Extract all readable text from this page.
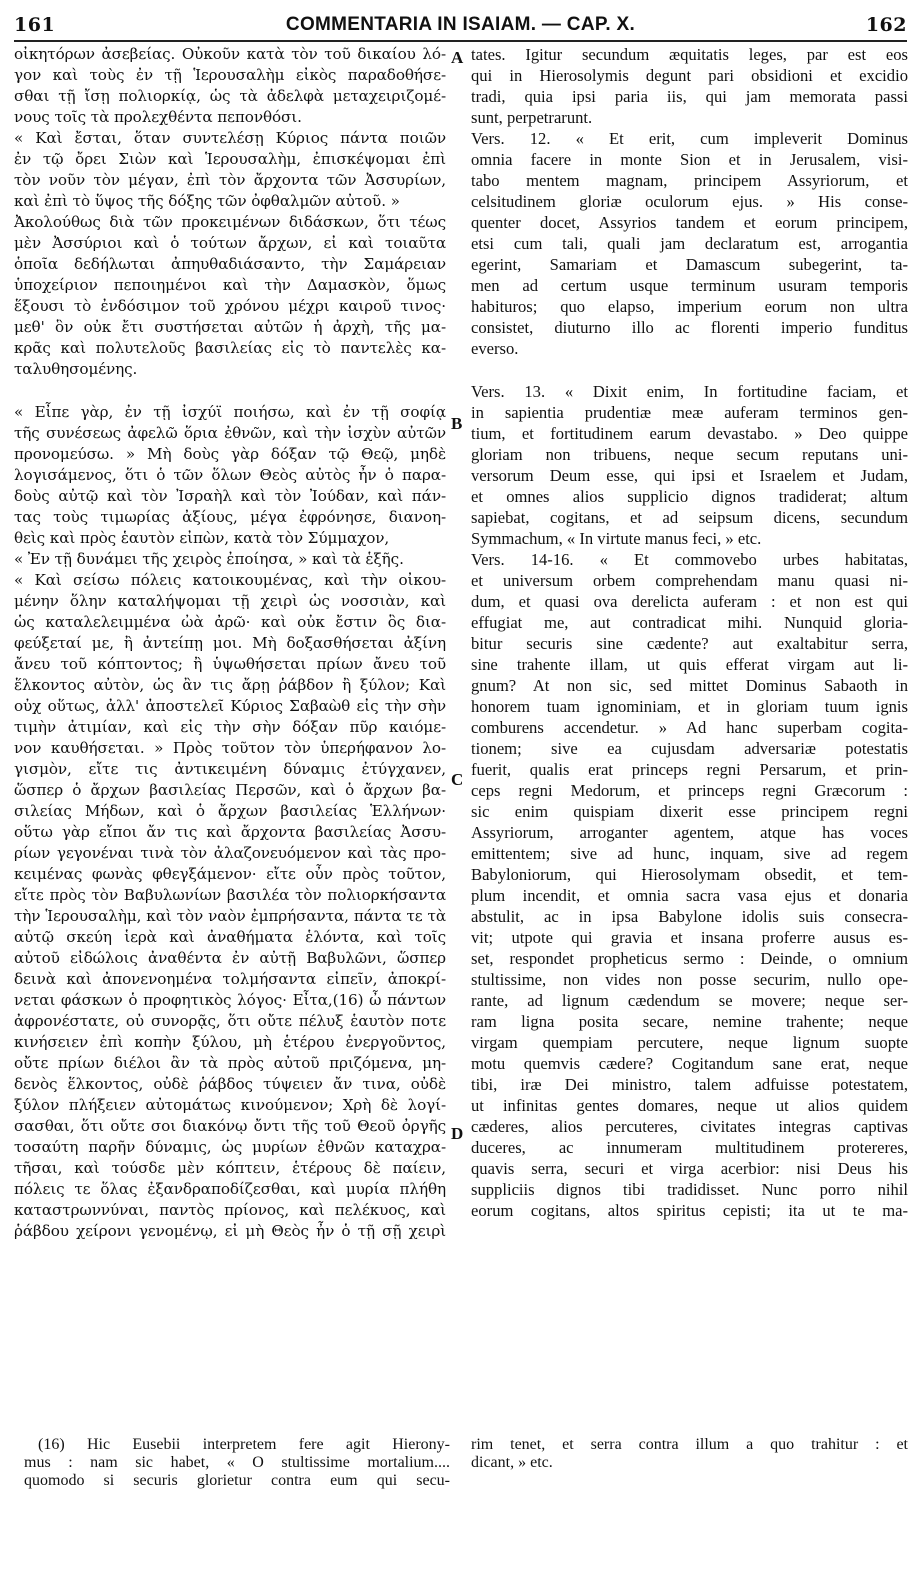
161	COMMENTARIA IN ISAIAM. — CAP. X.	162

οἰκητόρων ἀσεβείας. Οὐκοῦν κατὰ τὸν τοῦ δικαίου λό-

γον καὶ τοὺς ἐν τῇ Ἱερουσαλὴμ εἰκὸς παραδοθήσε-

σθαι τῇ ἴσῃ πολιορκίᾳ, ὡς τὰ ἀδελφὰ μεταχειριζομέ-

νους τοῖς τὰ προλεχθέντα πεπονθόσι.

« Καὶ ἔσται, ὅταν συντελέσῃ Κύριος πάντα ποιῶν

ἐν τῷ ὄρει Σιὼν καὶ Ἱερουσαλὴμ, ἐπισκέψομαι ἐπὶ

τὸν νοῦν τὸν μέγαν, ἐπὶ τὸν ἄρχοντα τῶν Ἀσσυρίων,

καὶ ἐπὶ τὸ ὕψος τῆς δόξης τῶν ὀφθαλμῶν αὐτοῦ. »

Ἀκολούθως διὰ τῶν προκειμένων διδάσκων, ὅτι τέως

μὲν Ἀσσύριοι καὶ ὁ τούτων ἄρχων, εἰ καὶ τοιαῦτα

ὁποῖα δεδήλωται ἀπηυθαδιάσαντο, τὴν Σαμάρειαν

ὑποχείριον πεποιημένοι καὶ τὴν Δαμασκὸν, ὅμως

ἕξουσι τὸ ἐνδόσιμον τοῦ χρόνου μέχρι καιροῦ τινος·

μεθ' ὃν οὐκ ἔτι συστήσεται αὐτῶν ἡ ἀρχὴ, τῆς μα-

κρᾶς καὶ πολυτελοῦς βασιλείας εἰς τὸ παντελὲς κα-

ταλυθησομένης.

« Εἶπε γὰρ, ἐν τῇ ἰσχύϊ ποιήσω, καὶ ἐν τῇ σοφίᾳ

τῆς συνέσεως ἀφελῶ ὅρια ἐθνῶν, καὶ τὴν ἰσχὺν αὐτῶν

προνομεύσω. » Μὴ δοὺς γὰρ δόξαν τῷ Θεῷ, μηδὲ

λογισάμενος, ὅτι ὁ τῶν ὅλων Θεὸς αὐτὸς ἦν ὁ παρα-

δοὺς αὐτῷ καὶ τὸν Ἰσραὴλ καὶ τὸν Ἰούδαν, καὶ πάν-

τας τοὺς τιμωρίας ἀξίους, μέγα ἐφρόνησε, διανοη-

θεὶς καὶ πρὸς ἑαυτὸν εἰπὼν, κατὰ τὸν Σύμμαχον,

« Ἐν τῇ δυνάμει τῆς χειρὸς ἐποίησα, » καὶ τὰ ἑξῆς.

« Καὶ σείσω πόλεις κατοικουμένας, καὶ τὴν οἰκου-

μένην ὅλην καταλήψομαι τῇ χειρὶ ὡς νοσσιὰν, καὶ

ὡς καταλελειμμένα ὠὰ ἀρῶ· καὶ οὐκ ἔστιν ὃς δια-

φεύξεταί με, ἢ ἀντείπῃ μοι. Μὴ δοξασθήσεται ἀξίνη

ἄνευ τοῦ κόπτοντος; ἢ ὑψωθήσεται πρίων ἄνευ τοῦ

ἕλκοντος αὐτὸν, ὡς ἂν τις ἄρῃ ῥάβδον ἢ ξύλον; Καὶ

οὐχ οὕτως, ἀλλ' ἀποστελεῖ Κύριος Σαβαὼθ εἰς τὴν σὴν

τιμὴν ἀτιμίαν, καὶ εἰς τὴν σὴν δόξαν πῦρ καιόμε-

νον καυθήσεται. » Πρὸς τοῦτον τὸν ὑπερήφανον λο-

γισμὸν, εἴτε τις ἀντικειμένη δύναμις ἐτύγχανεν,

ὥσπερ ὁ ἄρχων βασιλείας Περσῶν, καὶ ὁ ἄρχων βα-

σιλείας Μήδων, καὶ ὁ ἄρχων βασιλείας Ἑλλήνων·

οὕτω γὰρ εἴποι ἄν τις καὶ ἄρχοντα βασιλείας Ἀσσυ-

ρίων γεγονέναι τινὰ τὸν ἀλαζονευόμενον καὶ τὰς προ-

κειμένας φωνὰς φθεγξάμενον· εἴτε οὖν πρὸς τοῦτον,

εἴτε πρὸς τὸν Βαβυλωνίων βασιλέα τὸν πολιορκήσαντα

τὴν Ἱερουσαλὴμ, καὶ τὸν ναὸν ἐμπρήσαντα, πάντα τε τὰ

αὐτῷ σκεύη ἱερὰ καὶ ἀναθήματα ἑλόντα, καὶ τοῖς

αὐτοῦ εἰδώλοις ἀναθέντα ἐν αὐτῇ Βαβυλῶνι, ὥσπερ

δεινὰ καὶ ἀπονενοημένα τολμήσαντα εἰπεῖν, ἀποκρί-

νεται φάσκων ὁ προφητικὸς λόγος· Εἶτα,(16) ὦ πάντων

ἀφρονέστατε, οὐ συνορᾷς, ὅτι οὔτε πέλυξ ἑαυτὸν ποτε

κινήσειεν ἐπὶ κοπὴν ξύλου, μὴ ἑτέρου ἐνεργοῦντος,

οὔτε πρίων διέλοι ἂν τὰ πρὸς αὐτοῦ πριζόμενα, μη-

δενὸς ἕλκοντος, οὐδὲ ῥάβδος τύψειεν ἄν τινα, οὐδὲ

ξύλον πλήξειεν αὐτομάτως κινούμενον; Χρὴ δὲ λογί-

σασθαι, ὅτι οὔτε σοι διακόνῳ ὄντι τῆς τοῦ Θεοῦ ὀργῆς

τοσαύτη παρῆν δύναμις, ὡς μυρίων ἐθνῶν καταχρα-

τῆσαι, καὶ τούσδε μὲν κόπτειν, ἑτέρους δὲ παίειν,

πόλεις τε ὅλας ἐξανδραποδίζεσθαι, καὶ μυρία πλήθη

καταστρωννύναι, παντὸς πρίονος, καὶ πελέκυος, καὶ

ῥάβδου χείρονι γενομένῳ, εἰ μὴ Θεὸς ἦν ὁ τῇ σῇ χειρὶ

tates. Igitur secundum æquitatis leges, par est eos

qui in Hierosolymis degunt pari obsidioni et excidio

tradi, quia ipsi paria iis, qui jam memorata passi

sunt, perpetrarunt.

Vers. 12. « Et erit, cum impleverit Dominus

omnia facere in monte Sion et in Jerusalem, visi-

tabo mentem magnam, principem Assyriorum, et

celsitudinem gloriæ oculorum ejus. » His conse-

quenter docet, Assyrios tandem et eorum principem,

etsi cum tali, quali jam declaratum est, arrogantia

egerint, Samariam et Damascum subegerint, ta-

men ad certum usque terminum usuram temporis

habituros; quo elapso, imperium eorum non ultra

consistet, diuturno illo ac florenti imperio funditus

everso.

Vers. 13. « Dixit enim, In fortitudine faciam, et

in sapientia prudentiæ meæ auferam terminos gen-

tium, et fortitudinem earum devastabo. » Deo quippe

gloriam non tribuens, neque secum reputans uni-

versorum Deum esse, qui ipsi et Israelem et Judam,

et omnes alios supplicio dignos tradiderat; altum

sapiebat, cogitans, et ad seipsum dicens, secundum

Symmachum, « In virtute manus feci, » etc.

Vers. 14-16. « Et commovebo urbes habitatas,

et universum orbem comprehendam manu quasi ni-

dum, et quasi ova derelicta auferam : et non est qui

effugiat me, aut contradicat mihi. Nunquid gloria-

bitur securis sine cædente? aut exaltabitur serra,

sine trahente illam, ut quis efferat virgam aut li-

gnum? At non sic, sed mittet Dominus Sabaoth in

honorem tuam ignominiam, et in gloriam tuum ignis

comburens accendetur. » Ad hanc superbam cogita-

tionem; sive ea cujusdam adversariæ potestatis

fuerit, qualis erat princeps regni Persarum, et prin-

ceps regni Medorum, et princeps regni Græcorum :

sic enim quispiam dixerit esse principem regni

Assyriorum, arroganter agentem, atque has voces

emittentem; sive ad hunc, inquam, sive ad regem

Babyloniorum, qui Hierosolymam obsedit, et tem-

plum incendit, et omnia sacra vasa ejus et donaria

abstulit, ac in ipsa Babylone idolis suis consecra-

vit; utpote qui gravia et insana proferre ausus es-

set, respondet propheticus sermo : Deinde, o omnium

stultissime, non vides non posse securim, nullo ope-

rante, ad lignum cædendum se movere; neque ser-

ram ligna posita secare, nemine trahente; neque

virgam quempiam percutere, neque lignum suopte

motu quemvis cædere? Cogitandum sane erat, neque

tibi, iræ Dei ministro, talem adfuisse potestatem,

ut infinitas gentes domares, neque ut alios quidem

cæderes, alios percuteres, civitates integras captivas

duceres, ac innumeram multitudinem protereres,

quavis serra, securi et virga acerbior: nisi Deus his

suppliciis dignos tibi tradidisset. Nunc porro nihil

eorum cogitans, altos spiritus cepisti; ita ut te ma-

A
B
C
D

(16) Hic Eusebii interpretem fere agit Hierony-

mus : nam sic habet, « O stultissime mortalium....

quomodo si securis glorietur contra eum qui secu-

rim tenet, et serra contra illum a quo trahitur : et

dicant, » etc.
